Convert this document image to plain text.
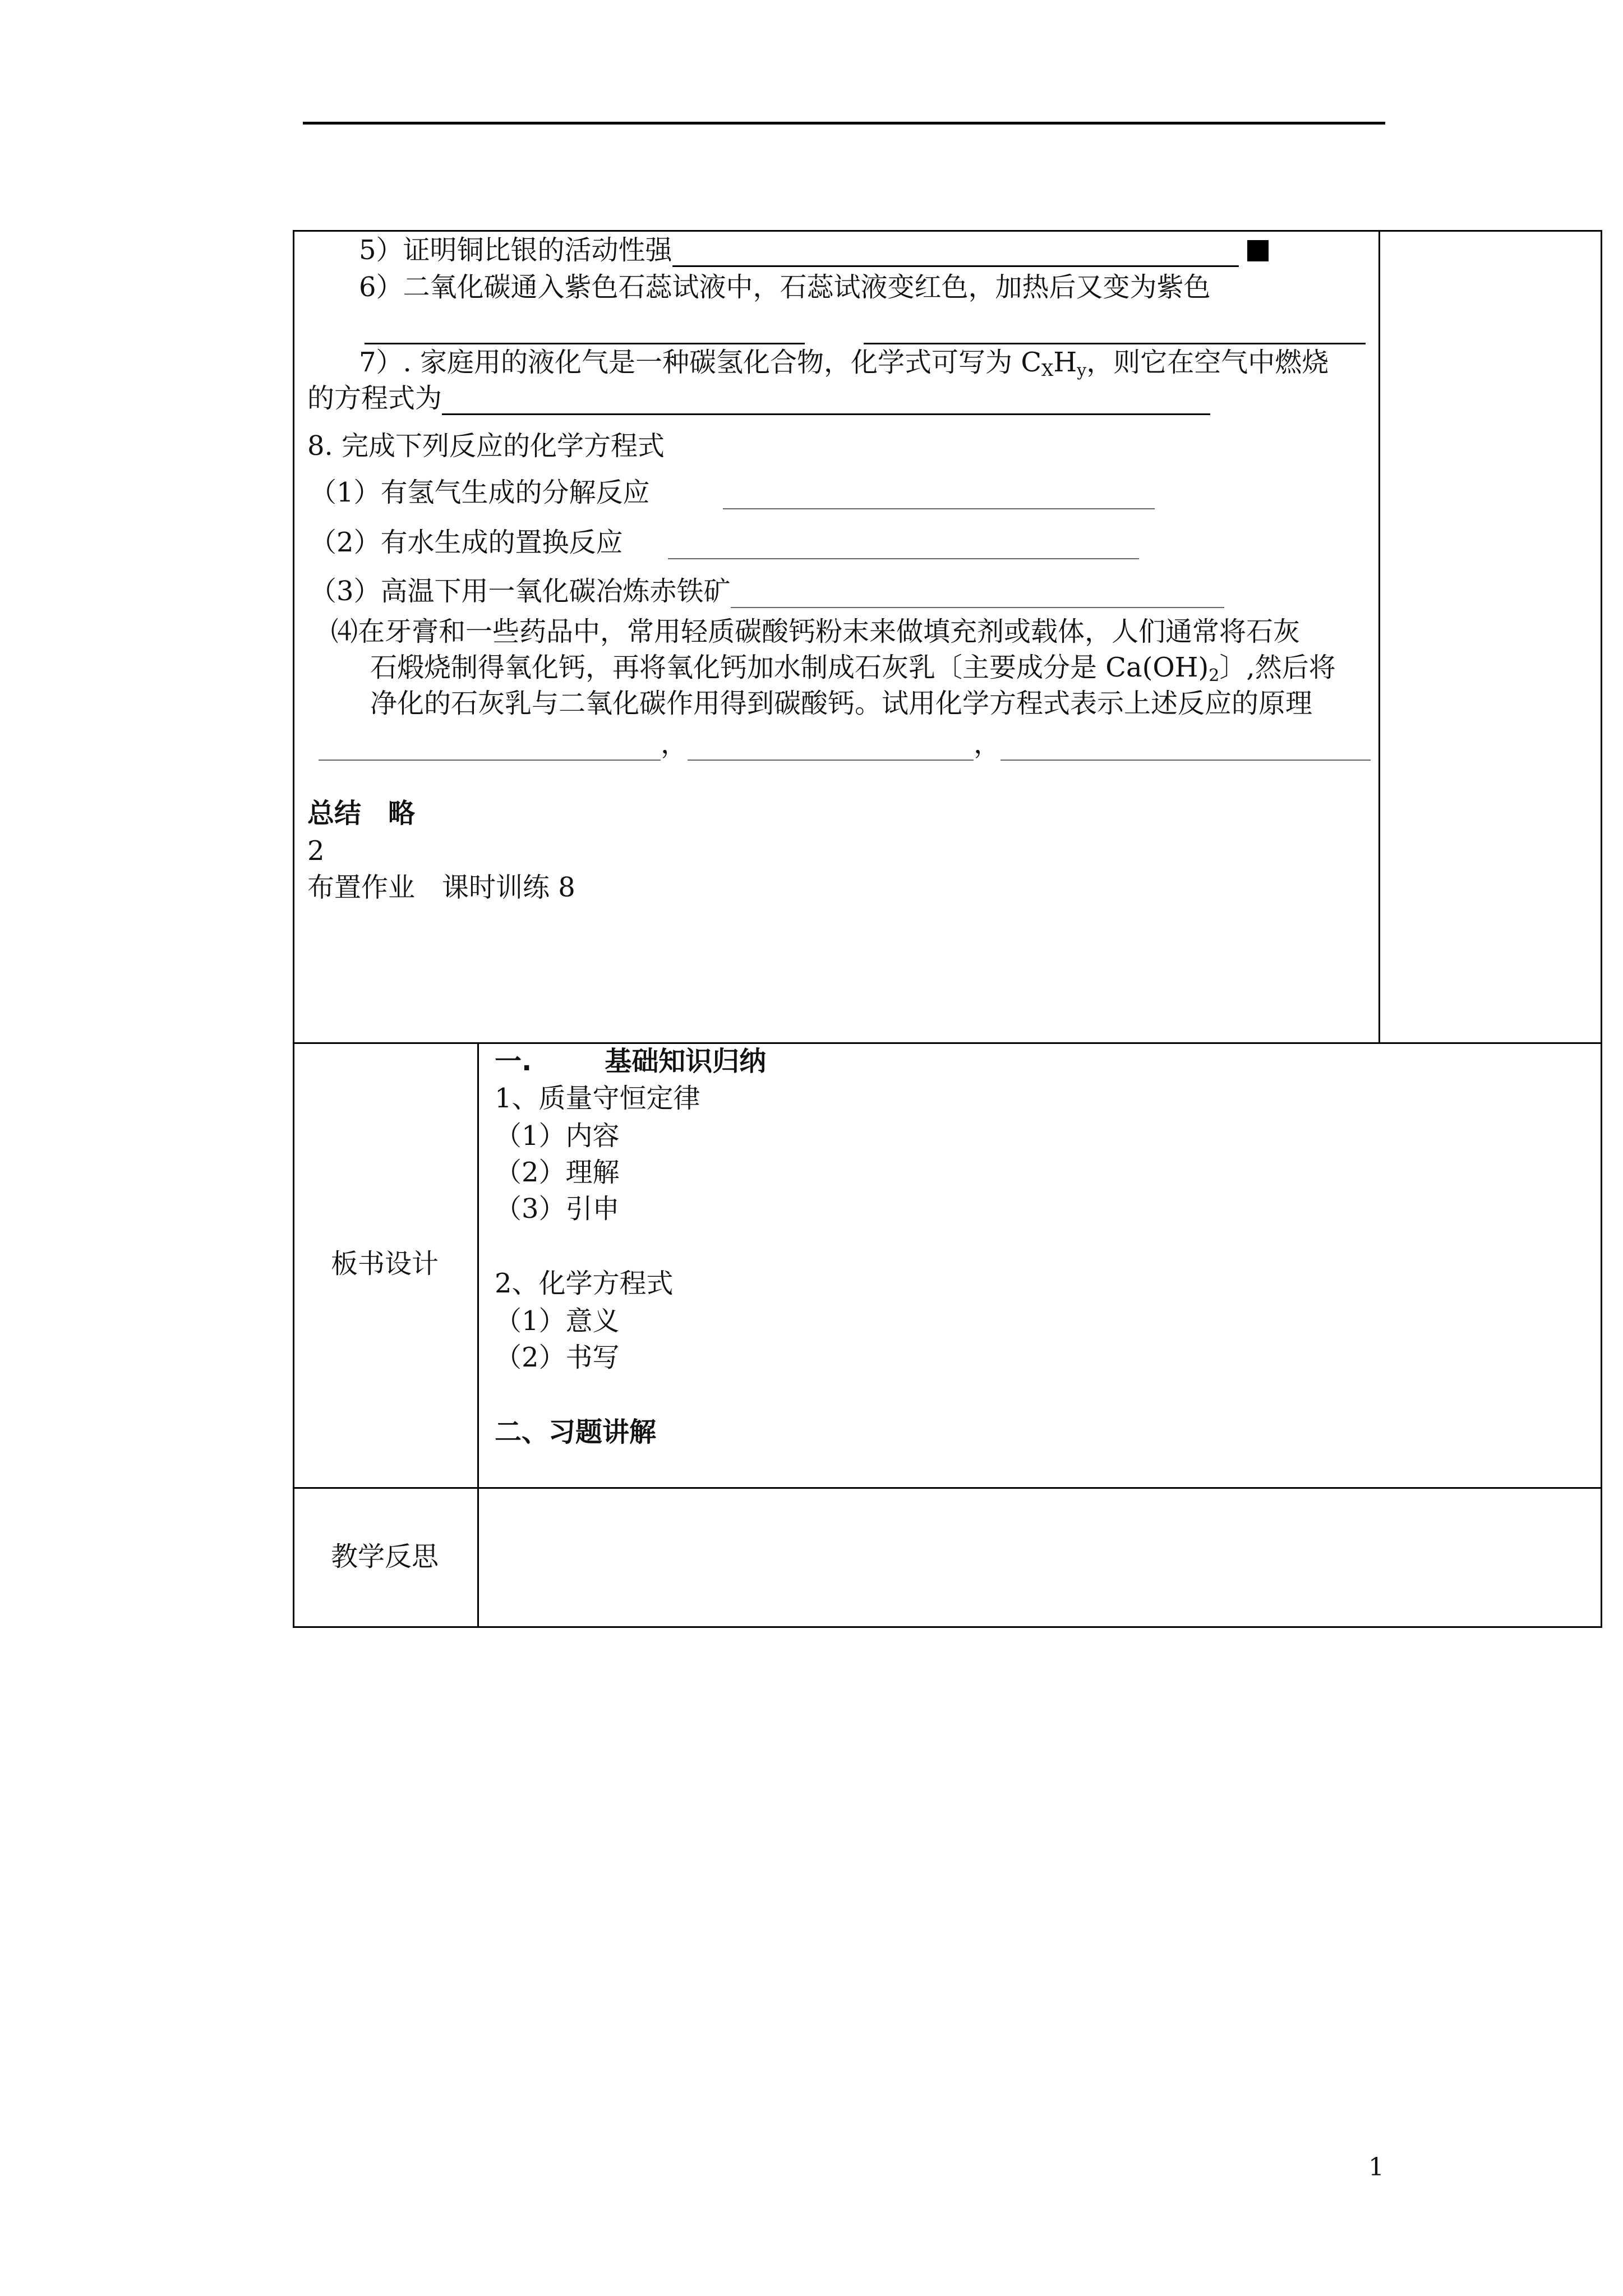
5）证明铜比银的活动性强
6）二氧化碳通入紫色石蕊试液中，石蕊试液变红色，加热后又变为紫色

7）. 家庭用的液化气是一种碳氢化合物，化学式可写为 $C_XH_y$，则它在空气中燃烧
的方程式为
8. 完成下列反应的化学方程式
（1）有氢气生成的分解反应
（2）有水生成的置换反应
（3）高温下用一氧化碳冶炼赤铁矿
⑷在牙膏和一些药品中，常用轻质碳酸钙粉末来做填充剂或载体，人们通常将石灰
石煅烧制得氧化钙，再将氧化钙加水制成石灰乳〔主要成分是 $Ca(OH)_2$〕,然后将
净化的石灰乳与二氧化碳作用得到碳酸钙。试用化学方程式表示上述反应的原理
，	，
总结　略
2
布置作业　课时训练 8
板书设计
一.	基础知识归纳
1、质量守恒定律
（1）内容
（2）理解
（3）引申
2、化学方程式
（1）意义
（2）书写
二、习题讲解
教学反思
1
